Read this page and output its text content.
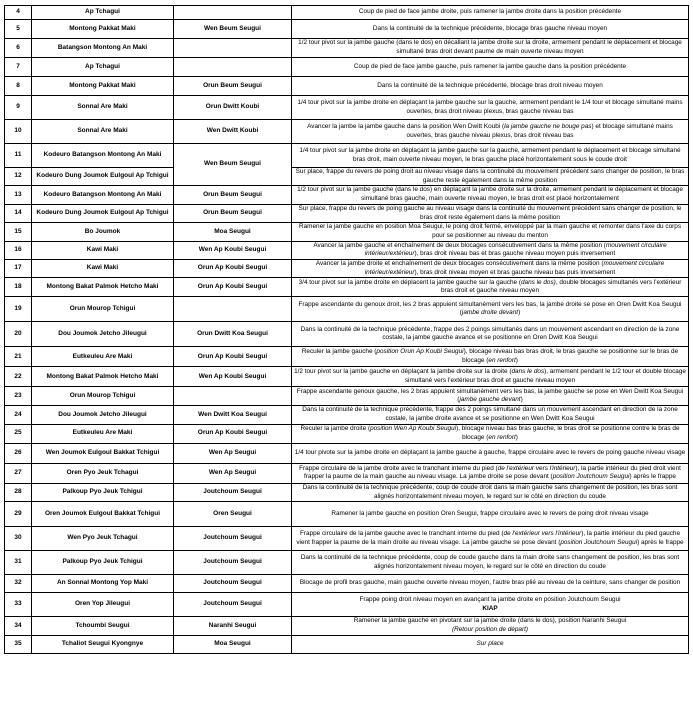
4	Ap Tchagui		Coup de pied de face jambe droite, puis ramener la jambe droite dans la position précédente
5	Montong Pakkat Maki	Wen Beum Seugui	Dans la continuité de la technique précédente, blocage bras gauche niveau moyen
6	Batangson Montong An Maki		1/2 tour pivot sur la jambe gauche (dans le dos) en décallant la jambe droite sur la droite, armement pendant le déplacement et blocage simultané bras droit devant paume de main ouverte niveau moyen
7	Ap Tchagui		Coup de pied de face jambe gauche, puis ramener la jambe gauche dans la position précédente
8	Montong Pakkat Maki	Orun Beum Seugui	Dans la continuité de la technique précédente, blocage bras droit niveau moyen
9	Sonnal Are Maki	Orun Dwitt Koubi	1/4 tour pivot sur la jambe droite en déplaçant la jambe gauche sur la gauche, armement pendant le 1/4 tour et blocage simultané mains ouvertes, bras droit niveau plexus, bras gauche niveau bas
10	Sonnal Are Maki	Wen Dwitt Koubi	Avancer la jambe la jambe gauche dans la position Wen Dwitt Koubi (la jambe gauche ne bouge pas) et blocage simultané mains ouvertes, bras gauche niveau plexus, bras droit niveau bas
11	Kodeuro Batangson Montong An Maki	Wen Beum Seugui	1/4 tour pivot sur la jambe droite en déplaçant la jambe gauche sur la gauche, armement pendant le déplacement et blocage simultané bras droit, main ouverte niveau moyen, le bras gauche placé horizontalement sous le coude droit
12	Kodeuro Dung Joumok Eulgoul Ap Tchigui		Sur place, frappe du revers de poing droit au niveau visage dans la continuité du mouvement précédent sans changer de position, le bras gauche reste également dans la même position
13	Kodeuro Batangson Montong An Maki	Orun Beum Seugui	1/2 tour pivot sur la jambe gauche (dans le dos) en déplaçant la jambe droite sur la droite, armement pendant le déplacement et blocage simultané bras gauche, main ouverte niveau moyen, le bras droit est placé horizontalement
14	Kodeuro Dung Joumok Eulgoul Ap Tchigui	Orun Beum Seugui	Sur place, frappe du revers de poing gauche au niveau visage dans la continuité du mouvement précédent sans changer de position, le bras droit reste également dans la même position
15	Bo Joumok	Moa Seugui	Ramener la jambe gauche en position Moa Seugui, le poing droit fermé, enveloppé par la main gauche et remonter dans l'axe du corps pour se positionner au niveau du menton
16	Kawi Maki	Wen Ap Koubi Seugui	Avancer la jambe gauche et enchaînement de deux blocages consécutivement dans la même position (mouvement circulaire intérieur/extérieur), bras droit niveau bas et bras gauche niveau moyen puis inversement
17	Kawi Maki	Orun Ap Koubi Seugui	Avancer la jambe droite et enchaînement de deux blocages consécutivement dans la même position (mouvement circulaire intérieur/extérieur), bras droit niveau moyen et bras gauche niveau bas puis inversement
18	Montong Bakat Palmok Hetcho Maki	Orun Ap Koubi Seugui	3/4 tour pivot sur la jambe droite en déplacent la jambe gauche sur la gauche (dans le dos), double blocages simultanés vers l'extérieur bras droit et gauche niveau moyen
19	Orun Mourop Tchigui		Frappe ascendante du genoux droit, les 2 bras appuient simultanément vers les bas, la jambe droite se pose en Oren Dwitt Koa Seugui (jambe droite devant)
20	Dou Joumok Jetcho Jileugui	Orun Dwitt Koa Seugui	Dans la continuité de la technique précédente, frappe des 2 poings simultanés dans un mouvement ascendant en direction de la zone costale, la jambe gauche avance et se positionne en Oren Dwitt Koa Seugui
21	Eutkeuleu Are Maki	Orun Ap Koubi Seugui	Reculer la jambe gauche (position Orun Ap Koubi Seugui), blocage niveau bas bras droit, le bras gauche se positionne sur le bras de blocage (en renfort)
22	Montong Bakat Palmok Hetcho Maki	Wen Ap Koubi Seugui	1/2 tour pivot sur la jambe gauche en déplaçant la jambe droite sur la droite (dans le dos), armement pendant le 1/2 tour et double blocage simultané vers l'extérieur bras droit et gauche niveau moyen
23	Orun Mourop Tchigui		Frappe ascendante genoux gauche, les 2 bras appuient simultanément vers les bas, la jambe gauche se pose en Wen Dwitt Koa Seugui (jambe gauche devant)
24	Dou Joumok Jetcho Jileugui	Wen Dwitt Koa Seugui	Dans la continuité de la technique précédente, frappe des 2 poings simultané dans un mouvement ascendant en direction de la zone costale, la jambe droite avance et se positionne en Wen Dwitt Koa Seugui
25	Eutkeuleu Are Maki	Orun Ap Koubi Seugui	Reculer la jambe droite (position Wen Ap Koubi Seugui), blocage niveau bas bras gauche, le bras droit se positionne contre le bras de blocage (en renfort)
26	Wen Joumok Eulgoul Bakkat Tchigui	Wen Ap Seugui	1/4 tour pivote sur la jambe droite en déplaçant la jambe gauche à gauche, frappe circulaire avec le revers de poing gauche niveau visage
27	Oren Pyo Jeuk Tchagui	Wen Ap Seugui	Frappe circulaire de la jambe droite avec le tranchant interne du pied (de l'extérieur vers l'intérieur), la partie intérieur du pied droit vient frapper la paume de la main gauche au niveau visage. La jambe droite se pose devant (position Joutchoum Seugui) après le frappe
28	Palkoup Pyo Jeuk Tchigui	Joutchoum Seugui	Dans la continuité de la technique précédente, coup de coude droit dans la main gauche sans changement de position, les bras sont alignés horizontalement niveau moyen, le regard sur le côté en direction du coude
29	Oren Joumok Eulgoul Bakkat Tchigui	Oren Seugui	Ramener la jambe gauche en position Oren Seugui, frappe circulaire avec le revers de poing droit niveau visage
30	Wen Pyo Jeuk Tchagui	Joutchoum Seugui	Frappe circulaire de la jambe gauche avec le tranchant interne du pied (de l'extérieur vers l'intérieur), la partie intérieur du pied gauche vient frapper la paume de la main droite au niveau visage. La jambe gauche se pose devant (position Joutchoum Seugui) après le frappe
31	Palkoup Pyo Jeuk Tchigui	Joutchoum Seugui	Dans la continuité de la technique précédente, coup de coude gauche dans la main droite sans changement de position, les bras sont alignés horizontalement niveau moyen, le regard sur le côté en direction du coude
32	An Sonnal Montong Yop Maki	Joutchoum Seugui	Blocage de profil bras gauche, main gauche ouverte niveau moyen, l'autre bras plié au niveau de la ceinture, sans changer de position
33	Oren Yop Jileugui	Joutchoum Seugui	Frappe poing droit niveau moyen en avançant la jambe droite en position Joutchoum Seugui
KIAP
34	Tchoumbi Seugui	Naranhi Seugui	Ramener la jambe gauche en pivotant sur la jambe droite (dans le dos), position Naranhi Seugui
(Retour position de départ)
35	Tchaliot Seugui Kyongnye	Moa Seugui	Sur place
